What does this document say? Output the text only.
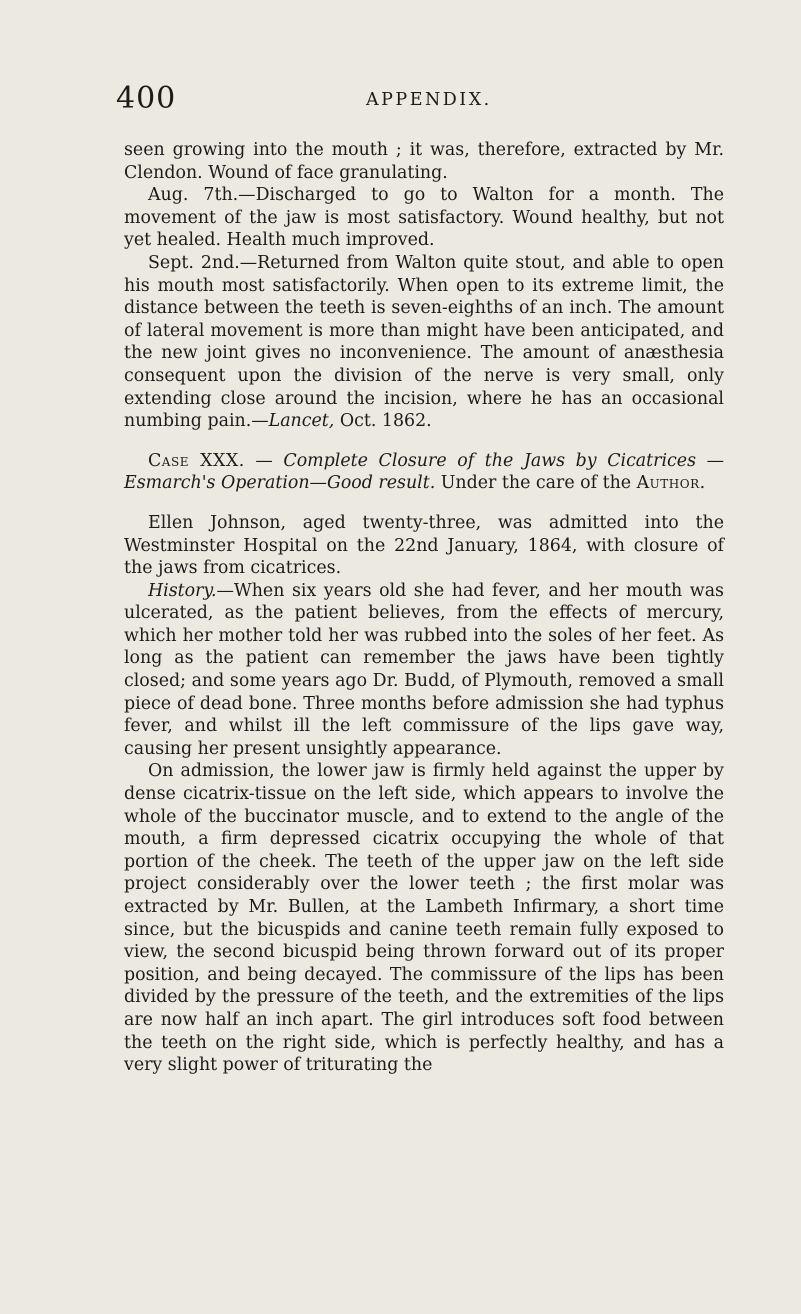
400	APPENDIX.

seen growing into the mouth ; it was, therefore, extracted by Mr. Clendon. Wound of face granulating.

Aug. 7th.—Discharged to go to Walton for a month. The movement of the jaw is most satisfactory. Wound healthy, but not yet healed. Health much improved.

Sept. 2nd.—Returned from Walton quite stout, and able to open his mouth most satisfactorily. When open to its extreme limit, the distance between the teeth is seven-eighths of an inch. The amount of lateral movement is more than might have been anticipated, and the new joint gives no inconvenience. The amount of anæsthesia consequent upon the division of the nerve is very small, only extending close around the incision, where he has an occasional numbing pain.—Lancet, Oct. 1862.

Case XXX. — Complete Closure of the Jaws by Cicatrices — Esmarch's Operation—Good result. Under the care of the Author.

Ellen Johnson, aged twenty-three, was admitted into the Westminster Hospital on the 22nd January, 1864, with closure of the jaws from cicatrices.

History.—When six years old she had fever, and her mouth was ulcerated, as the patient believes, from the effects of mercury, which her mother told her was rubbed into the soles of her feet. As long as the patient can remember the jaws have been tightly closed; and some years ago Dr. Budd, of Plymouth, removed a small piece of dead bone. Three months before admission she had typhus fever, and whilst ill the left commissure of the lips gave way, causing her present unsightly appearance.

On admission, the lower jaw is firmly held against the upper by dense cicatrix-tissue on the left side, which appears to involve the whole of the buccinator muscle, and to extend to the angle of the mouth, a firm depressed cicatrix occupying the whole of that portion of the cheek. The teeth of the upper jaw on the left side project considerably over the lower teeth ; the first molar was extracted by Mr. Bullen, at the Lambeth Infirmary, a short time since, but the bicuspids and canine teeth remain fully exposed to view, the second bicuspid being thrown forward out of its proper position, and being decayed. The commissure of the lips has been divided by the pressure of the teeth, and the extremities of the lips are now half an inch apart. The girl introduces soft food between the teeth on the right side, which is perfectly healthy, and has a very slight power of triturating the
